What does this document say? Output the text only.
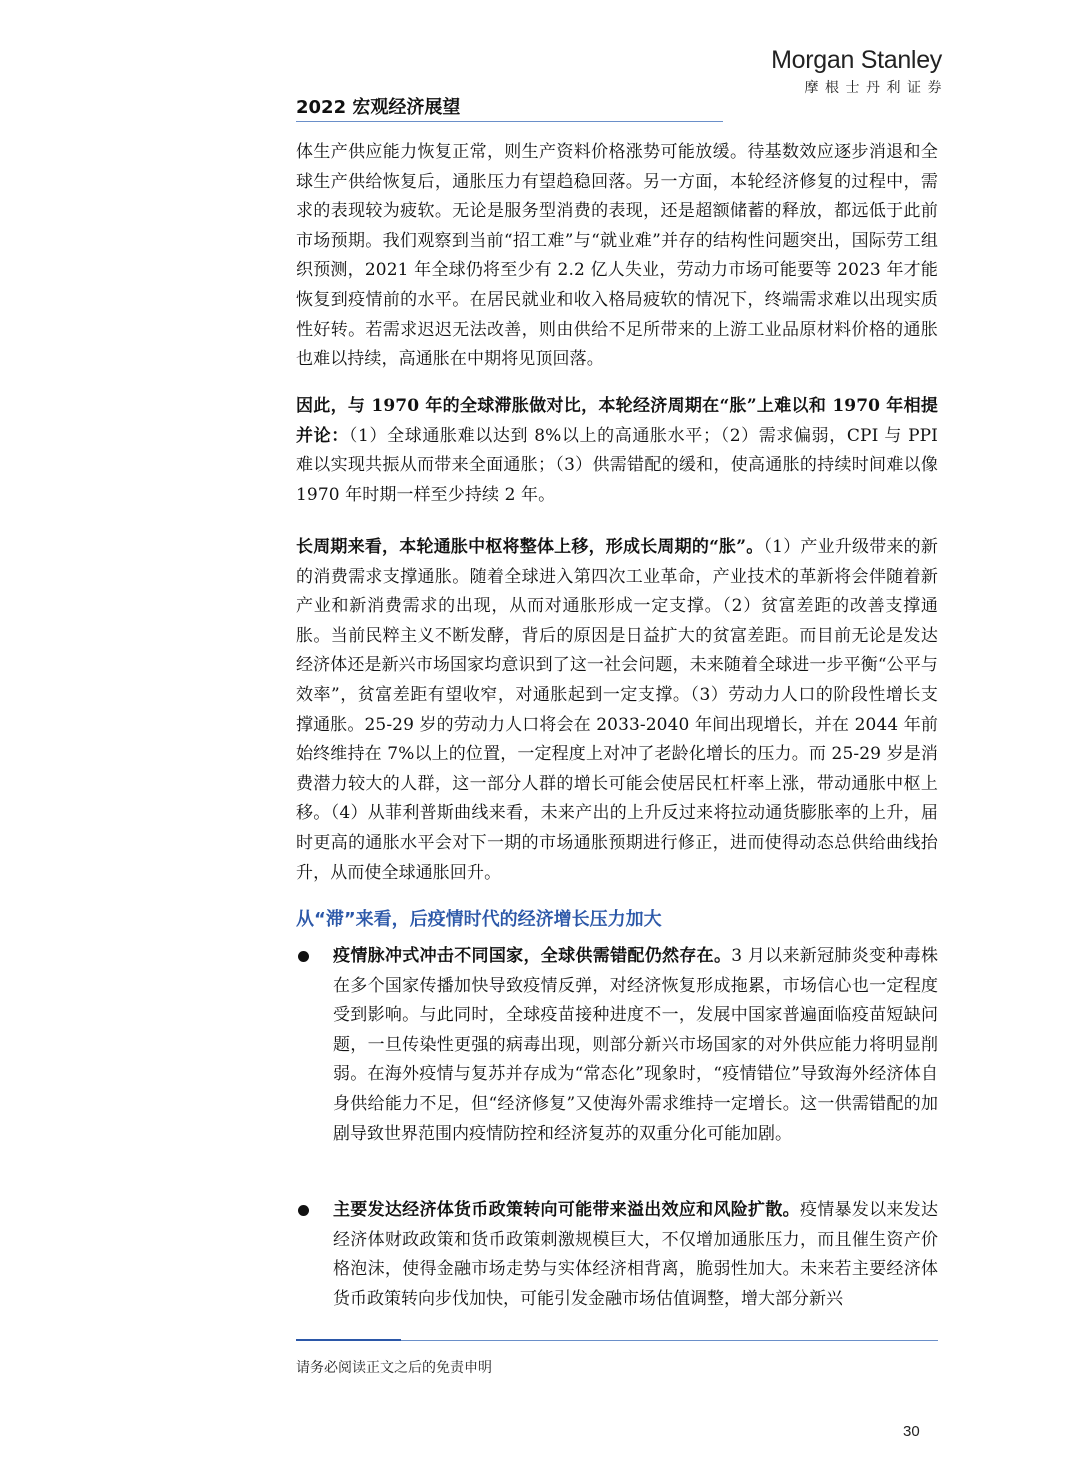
Morgan Stanley
摩根士丹利证券
2022 宏观经济展望

体生产供应能力恢复正常，则生产资料价格涨势可能放缓。待基数效应逐步消退和全球生产供给恢复后，通胀压力有望趋稳回落。另一方面，本轮经济修复的过程中，需求的表现较为疲软。无论是服务型消费的表现，还是超额储蓄的释放，都远低于此前市场预期。我们观察到当前“招工难”与“就业难”并存的结构性问题突出，国际劳工组织预测，2021 年全球仍将至少有 2.2 亿人失业，劳动力市场可能要等 2023 年才能恢复到疫情前的水平。在居民就业和收入格局疲软的情况下，终端需求难以出现实质性好转。若需求迟迟无法改善，则由供给不足所带来的上游工业品原材料价格的通胀也难以持续，高通胀在中期将见顶回落。

因此，与 1970 年的全球滞胀做对比，本轮经济周期在“胀”上难以和 1970 年相提并论：（1）全球通胀难以达到 8%以上的高通胀水平；（2）需求偏弱，CPI 与 PPI 难以实现共振从而带来全面通胀；（3）供需错配的缓和，使高通胀的持续时间难以像 1970 年时期一样至少持续 2 年。

长周期来看，本轮通胀中枢将整体上移，形成长周期的“胀”。（1）产业升级带来的新的消费需求支撑通胀。随着全球进入第四次工业革命，产业技术的革新将会伴随着新产业和新消费需求的出现，从而对通胀形成一定支撑。（2）贫富差距的改善支撑通胀。当前民粹主义不断发酵，背后的原因是日益扩大的贫富差距。而目前无论是发达经济体还是新兴市场国家均意识到了这一社会问题，未来随着全球进一步平衡“公平与效率”，贫富差距有望收窄，对通胀起到一定支撑。（3）劳动力人口的阶段性增长支撑通胀。25-29 岁的劳动力人口将会在 2033-2040 年间出现增长，并在 2044 年前始终维持在 7%以上的位置，一定程度上对冲了老龄化增长的压力。而 25-29 岁是消费潜力较大的人群，这一部分人群的增长可能会使居民杠杆率上涨，带动通胀中枢上移。（4）从菲利普斯曲线来看，未来产出的上升反过来将拉动通货膨胀率的上升，届时更高的通胀水平会对下一期的市场通胀预期进行修正，进而使得动态总供给曲线抬升，从而使全球通胀回升。

从“滞”来看，后疫情时代的经济增长压力加大

疫情脉冲式冲击不同国家，全球供需错配仍然存在。3 月以来新冠肺炎变种毒株在多个国家传播加快导致疫情反弹，对经济恢复形成拖累，市场信心也一定程度受到影响。与此同时，全球疫苗接种进度不一，发展中国家普遍面临疫苗短缺问题，一旦传染性更强的病毒出现，则部分新兴市场国家的对外供应能力将明显削弱。在海外疫情与复苏并存成为“常态化”现象时，“疫情错位”导致海外经济体自身供给能力不足，但“经济修复”又使海外需求维持一定增长。这一供需错配的加剧导致世界范围内疫情防控和经济复苏的双重分化可能加剧。

主要发达经济体货币政策转向可能带来溢出效应和风险扩散。疫情暴发以来发达经济体财政政策和货币政策刺激规模巨大，不仅增加通胀压力，而且催生资产价格泡沫，使得金融市场走势与实体经济相背离，脆弱性加大。未来若主要经济体货币政策转向步伐加快，可能引发金融市场估值调整，增大部分新兴

请务必阅读正文之后的免责申明
30
